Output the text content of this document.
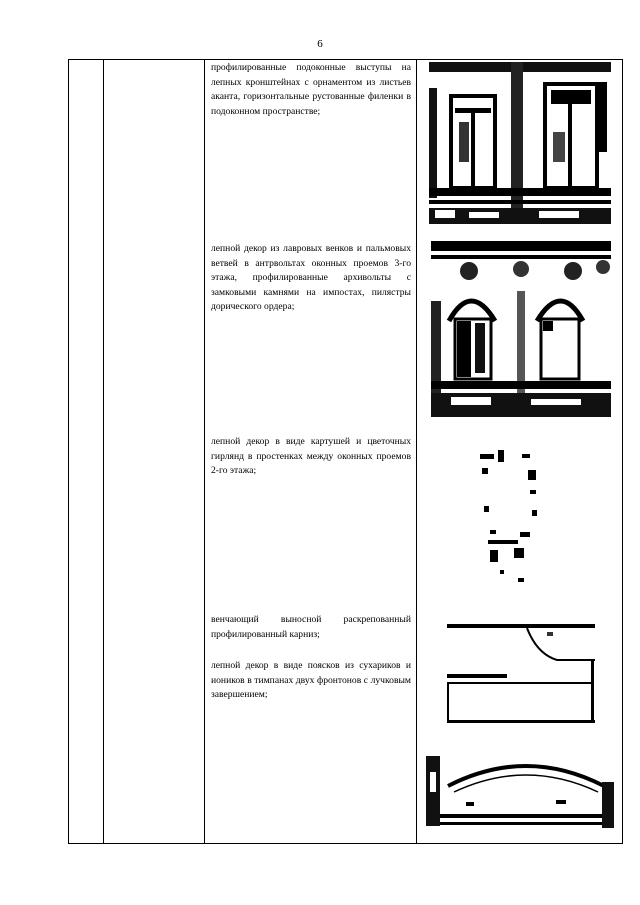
6
профилированные подоконные выступы на лепных кронштейнах с орнаментом из листьев аканта, горизонтальные рустованные филенки в подоконном пространстве;
лепной декор из лавровых венков и пальмовых ветвей в антрвольтах оконных проемов 3-го этажа, профилированные архивольты с замковыми камнями на импостах, пилястры дорического ордера;
лепной декор в виде картушей и цветочных гирлянд в простенках между оконных проемов 2-го этажа;
венчающий выносной раскрепованный профилированный карниз;
лепной декор в виде поясков из сухариков и иоников в тимпанах двух фронтонов с лучковым завершением;
